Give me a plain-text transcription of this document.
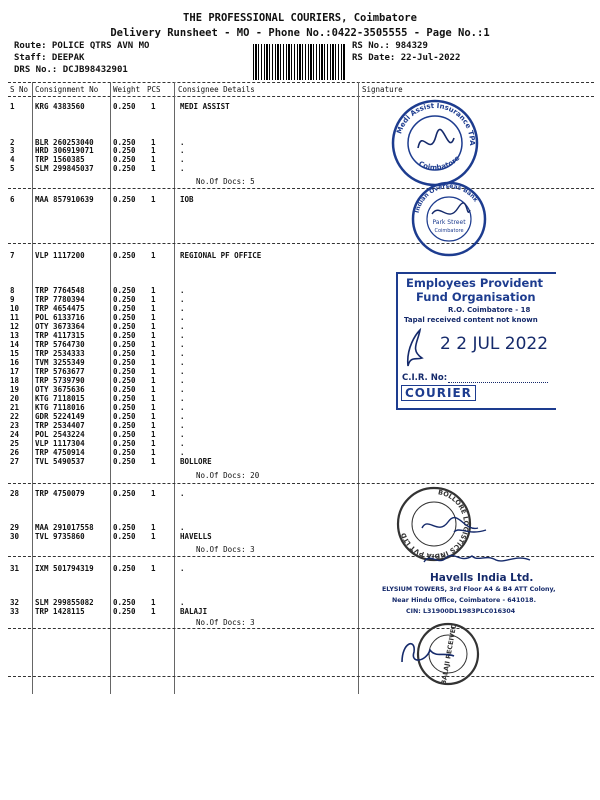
THE PROFESSIONAL COURIERS, Coimbatore
Delivery Runsheet - MO - Phone No.:0422-3505555 - Page No.:1
Route: POLICE QTRS AVN MO
Staff: DEEPAK
DRS No.: DCJB98432901
RS No.: 984329
RS Date: 22-Jul-2022
S No Consignment No Weight PCS Consignee Details	Signature
1	KRG 4383560	0.250 1	MEDI ASSIST
2	BLR 260253040	0.250 1	.
3	HRD 306919071	0.250 1	.
4	TRP 1560385	0.250 1	.
5	SLM 299845037	0.250 1	.
6	MAA 857910639	0.250 1	IOB
7	VLP 1117200	0.250 1	REGIONAL PF OFFICE
8	TRP 7764548	0.250 1	.
9	TRP 7780394	0.250 1	.
10 TRP 4654475	0.250 1	.
11 POL 6133716	0.250 1	.
12 OTY 3673364	0.250 1	.
13 TRP 4117315	0.250 1	.
14 TRP 5764730	0.250 1	.
15 TRP 2534333	0.250 1	.
16 TVM 3255349	0.250 1	.
17 TRP 5763677	0.250 1	.
18 TRP 5739790	0.250 1	.
19 OTY 3675636	0.250 1	.
20 KTG 7118015	0.250 1	.
21 KTG 7118016	0.250 1	.
22 GDR 5224149	0.250 1	.
23 TRP 2534407	0.250 1	.
24 POL 2543224	0.250 1	.
25 VLP 1117304	0.250 1	.
26 TRP 4750914	0.250 1	.
27 TVL 5490537	0.250 1	BOLLORE
28 TRP 4750079	0.250 1	.
29 MAA 291017558	0.250 1	.
30 TVL 9735860	0.250 1	HAVELLS
31 IXM 501794319	0.250 1	.
32 SLM 299855082	0.250 1	.
33 TRP 1428115	0.250 1	BALAJI
No.Of Docs: 5
No.Of Docs: 20
No.Of Docs: 3
No.Of Docs: 3
Medi Assist Insurance TPA
Coimbatore
Indian Overseas Bank
Park Street
Coimbatore
Employees Provident
Fund Organisation
R.O. Coimbatore - 18
Tapal received content not known
2 2 JUL 2022
C.I.R. No:
COURIER
BOLLORE LOGISTICS INDIA PVT LTD
Havells India Ltd.
ELYSIUM TOWERS, 3rd Floor A4 & B4 ATT Colony,
Near Hindu Office, Coimbatore - 641018.
CIN: L31900DL1983PLC016304
BALAJI RECEIVED
